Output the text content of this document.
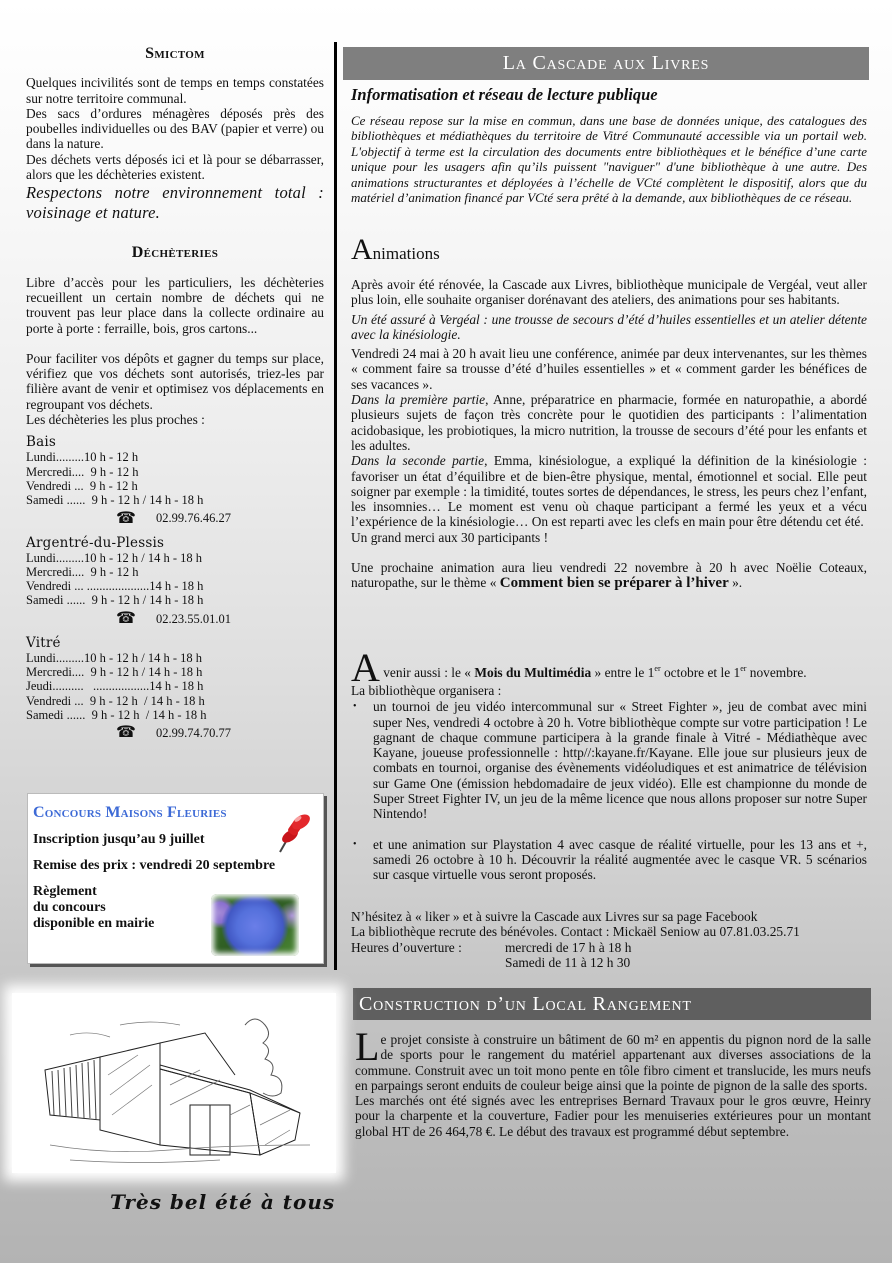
Smictom
Quelques incivilités sont de temps en temps constatées sur notre territoire communal.
Des sacs d’ordures ménagères déposés près des poubelles individuelles ou des BAV (papier et verre) ou dans la nature.
Des déchets verts déposés ici et là pour se débarrasser, alors que les déchèteries existent.
Respectons notre environnement total : voisinage et nature.
Déchèteries
Libre d’accès pour les particuliers, les déchèteries recueillent un certain nombre de déchets qui ne trouvent pas leur place dans la collecte ordinaire au porte à porte : ferraille, bois, gros cartons...
Pour faciliter vos dépôts et gagner du temps sur place, vérifiez que vos déchets sont autorisés, triez-les par filière avant de venir et optimisez vos déplacements en regroupant vos déchets.
Les déchèteries les plus proches :
Bais
Lundi.........10 h - 12 h
Mercredi....  9 h - 12 h
Vendredi ...  9 h - 12 h
Samedi ......  9 h - 12 h / 14 h - 18 h
☎	02.99.76.46.27
Argentré-du-Plessis
Lundi.........10 h - 12 h / 14 h - 18 h
Mercredi....  9 h - 12 h
Vendredi ... ....................14 h - 18 h
Samedi ......  9 h - 12 h / 14 h - 18 h
☎	02.23.55.01.01
Vitré
Lundi.........10 h - 12 h / 14 h - 18 h
Mercredi....  9 h - 12 h / 14 h - 18 h
Jeudi..........   ..................14 h - 18 h
Vendredi ...  9 h - 12 h  / 14 h - 18 h
Samedi ......  9 h - 12 h  / 14 h - 18 h
☎	02.99.74.70.77
Concours Maisons Fleuries
Inscription jusqu’au 9 juillet
Remise des prix : vendredi 20 septembre
Règlement
du concours
disponible en mairie
La Cascade aux Livres
Informatisation et réseau de lecture publique
Ce réseau repose sur la mise en commun, dans une base de données unique, des catalogues des bibliothèques et médiathèques du territoire de Vitré Communauté accessible via un portail web. L'objectif à terme est la circulation des documents entre bibliothèques et le bénéfice d’une carte unique pour les usagers afin qu’ils puissent "naviguer" d'une bibliothèque à une autre. Des animations structurantes et déployées à l’échelle de VCté complètent le dispositif, alors que du matériel d’animation financé par VCté sera prêté à la demande, aux bibliothèques de ce réseau.
Animations
Après avoir été rénovée, la Cascade aux Livres, bibliothèque municipale de Vergéal, veut aller plus loin, elle souhaite organiser dorénavant des ateliers, des animations pour ses habitants.
Un été assuré à Vergéal : une trousse de secours d’été d’huiles essentielles et un atelier détente avec la kinésiologie.
Vendredi 24 mai à 20 h avait lieu une conférence, animée par deux intervenantes, sur les thèmes « comment faire sa trousse d’été d’huiles essentielles » et « comment garder les bénéfices de ses vacances ».
Dans la première partie, Anne, préparatrice en pharmacie, formée en naturopathie, a abordé plusieurs sujets de façon très concrète pour le quotidien des participants : l’alimentation acidobasique, les probiotiques, la micro nutrition, la trousse de secours d’été pour les enfants et les adultes.
Dans la seconde partie, Emma, kinésiologue, a expliqué la définition de la kinésiologie : favoriser un état d’équilibre et de bien-être physique, mental, émotionnel et social. Elle peut soigner par exemple : la timidité, toutes sortes de dépendances, le stress, les peurs chez l’enfant, les insomnies… Le moment est venu où chaque participant a fermé les yeux et a vécu l’expérience de la kinésiologie… On est reparti avec les clefs en main pour être détendu cet été.
Un grand merci aux 30 participants !
Une prochaine animation aura lieu vendredi 22 novembre à 20 h avec Noëlie Coteaux, naturopathe, sur le thème « Comment bien se préparer à l’hiver ».
A venir aussi : le « Mois du Multimédia » entre le 1er octobre et le 1er novembre.
La bibliothèque organisera :
• un tournoi de jeu vidéo intercommunal sur « Street Fighter », jeu de combat avec mini super Nes, vendredi 4 octobre à 20 h. Votre bibliothèque compte sur votre participation ! Le gagnant de chaque commune participera à la grande finale à Vitré - Médiathèque avec Kayane, joueuse professionnelle : http//:kayane.fr/Kayane. Elle joue sur plusieurs jeux de combats en tournoi, organise des évènements vidéoludiques et est animatrice de télévision sur Game One (émission hebdomadaire de jeux vidéo). Elle est championne du monde de Super Street Fighter IV, un jeu de la même licence que nous allons proposer sur notre Super Nintendo!
• et une animation sur Playstation 4 avec casque de réalité virtuelle, pour les 13 ans et +, samedi 26 octobre à 10 h. Découvrir la réalité augmentée avec le casque VR. 5 scénarios sur casque virtuelle vous seront proposés.
N’hésitez à « liker » et à suivre la Cascade aux Livres sur sa page Facebook
La bibliothèque recrute des bénévoles. Contact : Mickaël Seniow au 07.81.03.25.71
Heures d’ouverture :	mercredi de 17 h à 18 h
Samedi de 11 à 12 h 30
Construction d’un Local Rangement
Le projet consiste à construire un bâtiment de 60 m² en appentis du pignon nord de la salle de sports pour le rangement du matériel appartenant aux diverses associations de la commune. Construit avec un toit mono pente en tôle fibro ciment et translucide, les murs neufs en parpaings seront enduits de couleur beige ainsi que la pointe de pignon de la salle des sports.
Les marchés ont été signés avec les entreprises Bernard Travaux pour le gros œuvre, Heinry pour la charpente et la couverture, Fadier pour les menuiseries extérieures pour un montant global HT de 26 464,78 €. Le début des travaux est programmé début septembre.
Très bel été à tous
